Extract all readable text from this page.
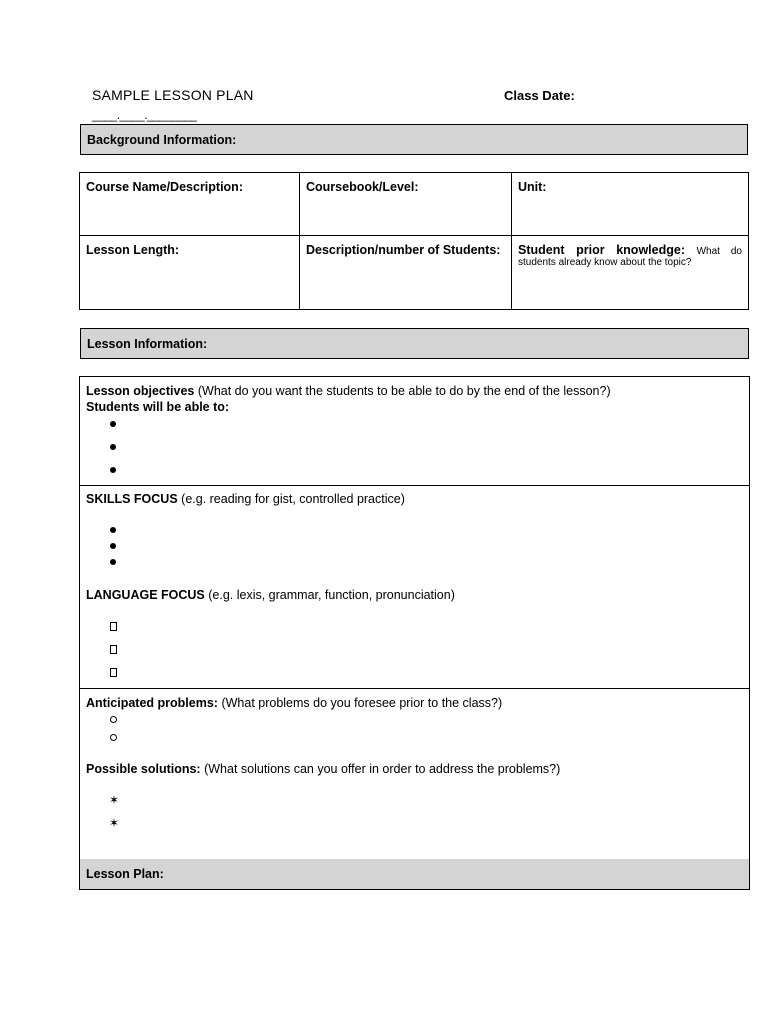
SAMPLE LESSON PLAN
____.____.________
Class Date:
Background Information:
Course Name/Description:	Coursebook/Level:	Unit:
Lesson Length:	Description/number of Students:	Student prior knowledge: What do
students already know about the topic?
Lesson Information:
Lesson objectives (What do you want the students to be able to do by the end of the lesson?)
Students will be able to:
SKILLS FOCUS (e.g. reading for gist, controlled practice)
LANGUAGE FOCUS (e.g. lexis, grammar, function, pronunciation)
Anticipated problems: (What problems do you foresee prior to the class?)
Possible solutions: (What solutions can you offer in order to address the problems?)
✶
✶
Lesson Plan:
